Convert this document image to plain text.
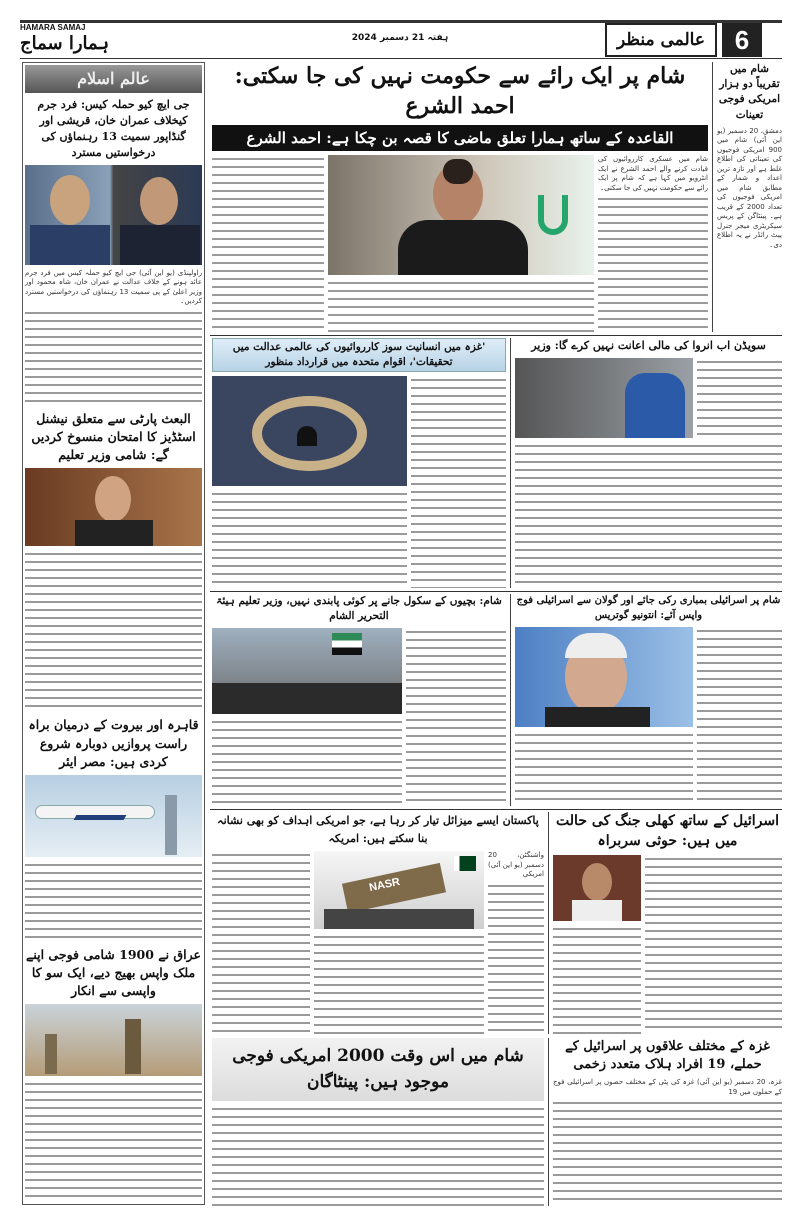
HAMARA SAMAJ
ہمارا سماج	ہفتہ 21 دسمبر 2024	عالمی منظر	6
عالم اسلام
جی ایچ کیو حملہ کیس: فرد جرم کیخلاف عمران خان، قریشی اور گنڈاپور سمیت 13 رہنماؤں کی درخواستیں مسترد
راولپنڈی (یو این آئی) جی ایچ کیو حملہ کیس میں فرد جرم عائد ہونے کے خلاف عدالت نے عمران خان، شاہ محمود اور وزیر اعلیٰ کے پی سمیت 13 رہنماؤں کی درخواستیں مسترد کردیں۔
البعث پارٹی سے متعلق نیشنل اسٹڈیز کا امتحان منسوخ کردیں گے: شامی وزیر تعلیم
قاہرہ اور بیروت کے درمیان براہ راست پروازیں دوبارہ شروع کردی ہیں: مصر ایئر
عراق نے 1900 شامی فوجی اپنے ملک واپس بھیج دیے، ایک سو کا واپسی سے انکار
شام میں تقریباً دو ہزار امریکی فوجی تعینات
دمشق، 20 دسمبر (یو این آئی) شام میں 900 امریکی فوجیوں کی تعیناتی کی اطلاع غلط ہے اور تازہ ترین اعداد و شمار کے مطابق شام میں امریکی فوجیوں کی تعداد 2000 کے قریب ہے۔ پینٹاگن کے پریس سیکریٹری میجر جنرل پیٹ رائڈر نے یہ اطلاع دی۔
شام پر ایک رائے سے حکومت نہیں کی جا سکتی: احمد الشرع
القاعدہ کے ساتھ ہمارا تعلق ماضی کا قصہ بن چکا ہے: احمد الشرع
شام میں عسکری کارروائیوں کی قیادت کرنے والے احمد الشرع نے ایک انٹرویو میں کہا ہے کہ شام پر ایک رائے سے حکومت نہیں کی جا سکتی۔
'غزہ میں انسانیت سوز کارروائیوں کی عالمی عدالت میں تحقیقات'، اقوام متحدہ میں قرارداد منظور
سویڈن اب انروا کی مالی اعانت نہیں کرے گا: وزیر
شام: بچیوں کے سکول جانے پر کوئی پابندی نہیں، وزیر تعلیم ہیئۃ التحریر الشام
شام پر اسرائیلی بمباری رکی جائے اور گولان سے اسرائیلی فوج واپس آئے: انتونیو گوتریس
پاکستان ایسے میزائل تیار کر رہا ہے، جو امریکی اہداف کو بھی نشانہ بنا سکتے ہیں: امریکہ
NASR
واشنگٹن، 20 دسمبر (یو این آئی) امریکی
اسرائیل کے ساتھ کھلی جنگ کی حالت میں ہیں: حوثی سربراہ
شام میں اس وقت 2000 امریکی فوجی موجود ہیں: پینٹاگان
غزہ کے مختلف علاقوں پر اسرائیل کے حملے، 19 افراد ہلاک متعدد زخمی
غزہ، 20 دسمبر (یو این آئی) غزہ کی پٹی کے مختلف حصوں پر اسرائیلی فوج کے حملوں میں 19
